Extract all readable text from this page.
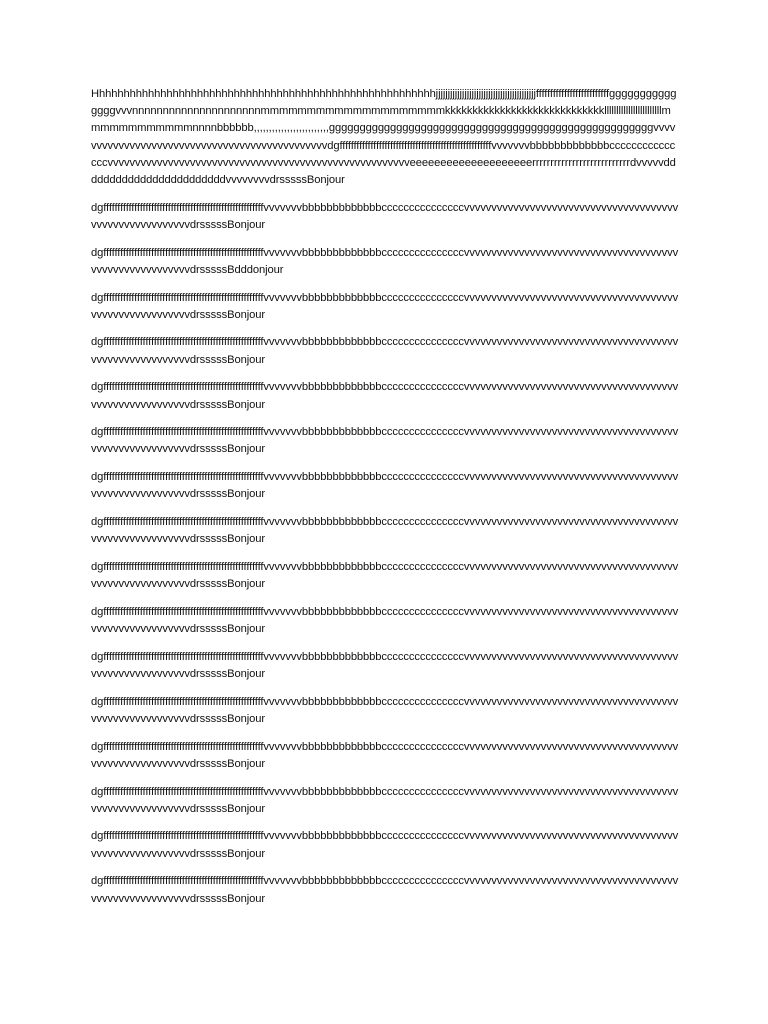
Hhhhhhhhhhhhhhhhhhhhhhhhhhhhhhhhhhhhhhhhhhhhhhhhhhhhhhhhjjjjjjjjjjjjjjjjjjjjjjjjjjjjjjjjjjjjjjjjjjffffffffffffffffffffffffffgggggggggggggggvvvnnnnnnnnnnnnnnnnnnnnnmmmmmmmmmmmmmmmmmmmmkkkkkkkkkkkkkkkkkkkkkkkkkkkkkllllllllllllllllllllllllmmmmmmmmmmmmnnnnbbbbbb,,,,,,,,,,,,,,,,,,,,,,,,,gggggggggggggggggggggggggggggggggggggggggggggggggggggvvvvvvvvvvvvvvvvvvvvvvvvvvvvvvvvvvvvvvvvvvvvvvvdgffffffffffffffffffffffffffffffffffffffffffffffffffffffvvvvvvvbbbbbbbbbbbbbcccccccccccccccvvvvvvvvvvvvvvvvvvvvvvvvvvvvvvvvvvvvvvvvvvvvvvvvvvvvvvveeeeeeeeeeeeeeeeeeeerrrrrrrrrrrrrrrrrrrrrrrrrrrdvvvvvddddddddddddddddddddddddvvvvvvvvdrsssssBonjour

dgfffffffffffffffffffffffffffffffffffffffffffffffffffffffffvvvvvvvbbbbbbbbbbbbbcccccccccccccccvvvvvvvvvvvvvvvvvvvvvvvvvvvvvvvvvvvvvvvvvvvvvvvvvvvvvvvvvdrsssssBonjour

dgfffffffffffffffffffffffffffffffffffffffffffffffffffffffffvvvvvvvbbbbbbbbbbbbbcccccccccccccccvvvvvvvvvvvvvvvvvvvvvvvvvvvvvvvvvvvvvvvvvvvvvvvvvvvvvvvvvdrsssssBdddonjour

dgfffffffffffffffffffffffffffffffffffffffffffffffffffffffffvvvvvvvbbbbbbbbbbbbbcccccccccccccccvvvvvvvvvvvvvvvvvvvvvvvvvvvvvvvvvvvvvvvvvvvvvvvvvvvvvvvvvdrsssssBonjour

dgfffffffffffffffffffffffffffffffffffffffffffffffffffffffffvvvvvvvbbbbbbbbbbbbbcccccccccccccccvvvvvvvvvvvvvvvvvvvvvvvvvvvvvvvvvvvvvvvvvvvvvvvvvvvvvvvvvdrsssssBonjour

dgfffffffffffffffffffffffffffffffffffffffffffffffffffffffffvvvvvvvbbbbbbbbbbbbbcccccccccccccccvvvvvvvvvvvvvvvvvvvvvvvvvvvvvvvvvvvvvvvvvvvvvvvvvvvvvvvvvdrsssssBonjour

dgfffffffffffffffffffffffffffffffffffffffffffffffffffffffffvvvvvvvbbbbbbbbbbbbbcccccccccccccccvvvvvvvvvvvvvvvvvvvvvvvvvvvvvvvvvvvvvvvvvvvvvvvvvvvvvvvvvdrsssssBonjour

dgfffffffffffffffffffffffffffffffffffffffffffffffffffffffffvvvvvvvbbbbbbbbbbbbbcccccccccccccccvvvvvvvvvvvvvvvvvvvvvvvvvvvvvvvvvvvvvvvvvvvvvvvvvvvvvvvvvdrsssssBonjour

dgfffffffffffffffffffffffffffffffffffffffffffffffffffffffffvvvvvvvbbbbbbbbbbbbbcccccccccccccccvvvvvvvvvvvvvvvvvvvvvvvvvvvvvvvvvvvvvvvvvvvvvvvvvvvvvvvvvdrsssssBonjour

dgfffffffffffffffffffffffffffffffffffffffffffffffffffffffffvvvvvvvbbbbbbbbbbbbbcccccccccccccccvvvvvvvvvvvvvvvvvvvvvvvvvvvvvvvvvvvvvvvvvvvvvvvvvvvvvvvvvdrsssssBonjour

dgfffffffffffffffffffffffffffffffffffffffffffffffffffffffffvvvvvvvbbbbbbbbbbbbbcccccccccccccccvvvvvvvvvvvvvvvvvvvvvvvvvvvvvvvvvvvvvvvvvvvvvvvvvvvvvvvvvdrsssssBonjour

dgfffffffffffffffffffffffffffffffffffffffffffffffffffffffffvvvvvvvbbbbbbbbbbbbbcccccccccccccccvvvvvvvvvvvvvvvvvvvvvvvvvvvvvvvvvvvvvvvvvvvvvvvvvvvvvvvvvdrsssssBonjour

dgfffffffffffffffffffffffffffffffffffffffffffffffffffffffffvvvvvvvbbbbbbbbbbbbbcccccccccccccccvvvvvvvvvvvvvvvvvvvvvvvvvvvvvvvvvvvvvvvvvvvvvvvvvvvvvvvvvdrsssssBonjour

dgfffffffffffffffffffffffffffffffffffffffffffffffffffffffffvvvvvvvbbbbbbbbbbbbbcccccccccccccccvvvvvvvvvvvvvvvvvvvvvvvvvvvvvvvvvvvvvvvvvvvvvvvvvvvvvvvvvdrsssssBonjour

dgfffffffffffffffffffffffffffffffffffffffffffffffffffffffffvvvvvvvbbbbbbbbbbbbbcccccccccccccccvvvvvvvvvvvvvvvvvvvvvvvvvvvvvvvvvvvvvvvvvvvvvvvvvvvvvvvvvdrsssssBonjour

dgfffffffffffffffffffffffffffffffffffffffffffffffffffffffffvvvvvvvbbbbbbbbbbbbbcccccccccccccccvvvvvvvvvvvvvvvvvvvvvvvvvvvvvvvvvvvvvvvvvvvvvvvvvvvvvvvvvdrsssssBonjour

dgfffffffffffffffffffffffffffffffffffffffffffffffffffffffffvvvvvvvbbbbbbbbbbbbbcccccccccccccccvvvvvvvvvvvvvvvvvvvvvvvvvvvvvvvvvvvvvvvvvvvvvvvvvvvvvvvvvdrsssssBonjour
